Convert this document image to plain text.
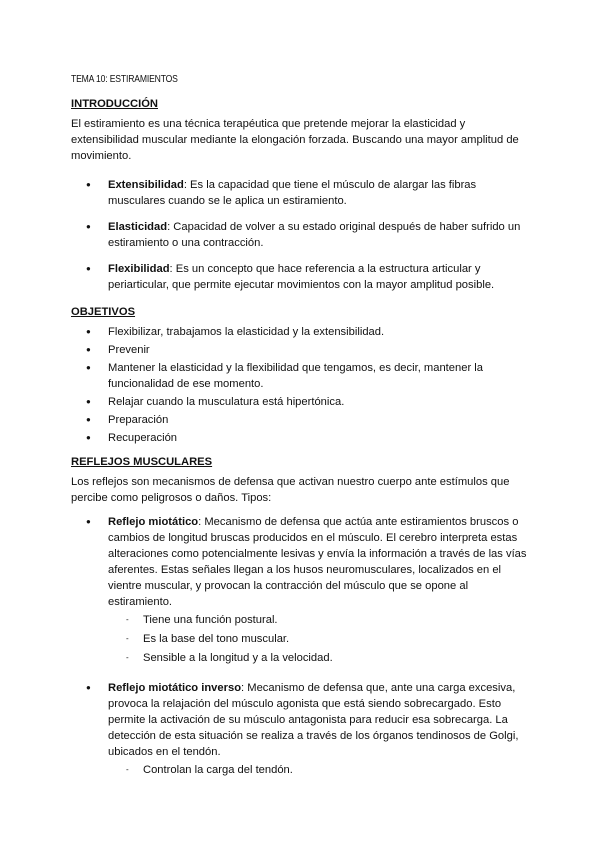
TEMA 10: ESTIRAMIENTOS
INTRODUCCIÓN

El estiramiento es una técnica terapéutica que pretende mejorar la elasticidad y extensibilidad muscular mediante la elongación forzada. Buscando una mayor amplitud de movimiento.

● Extensibilidad: Es la capacidad que tiene el músculo de alargar las fibras musculares cuando se le aplica un estiramiento.
● Elasticidad: Capacidad de volver a su estado original después de haber sufrido un estiramiento o una contracción.
● Flexibilidad: Es un concepto que hace referencia a la estructura articular y periarticular, que permite ejecutar movimientos con la mayor amplitud posible.
OBJETIVOS
● Flexibilizar, trabajamos la elasticidad y la extensibilidad.
● Prevenir
● Mantener la elasticidad y la flexibilidad que tengamos, es decir, mantener la funcionalidad de ese momento.
● Relajar cuando la musculatura está hipertónica.
● Preparación
● Recuperación
REFLEJOS MUSCULARES

Los reflejos son mecanismos de defensa que activan nuestro cuerpo ante estímulos que percibe como peligrosos o daños. Tipos:

● Reflejo miotático: Mecanismo de defensa que actúa ante estiramientos bruscos o cambios de longitud bruscas producidos en el músculo. El cerebro interpreta estas alteraciones como potencialmente lesivas y envía la información a través de las vías aferentes. Estas señales llegan a los husos neuromusculares, localizados en el vientre muscular, y provocan la contracción del músculo que se opone al estiramiento.
- Tiene una función postural.
- Es la base del tono muscular.
- Sensible a la longitud y a la velocidad.
● Reflejo miotático inverso: Mecanismo de defensa que, ante una carga excesiva, provoca la relajación del músculo agonista que está siendo sobrecargado. Esto permite la activación de su músculo antagonista para reducir esa sobrecarga. La detección de esta situación se realiza a través de los órganos tendinosos de Golgi, ubicados en el tendón.
- Controlan la carga del tendón.
